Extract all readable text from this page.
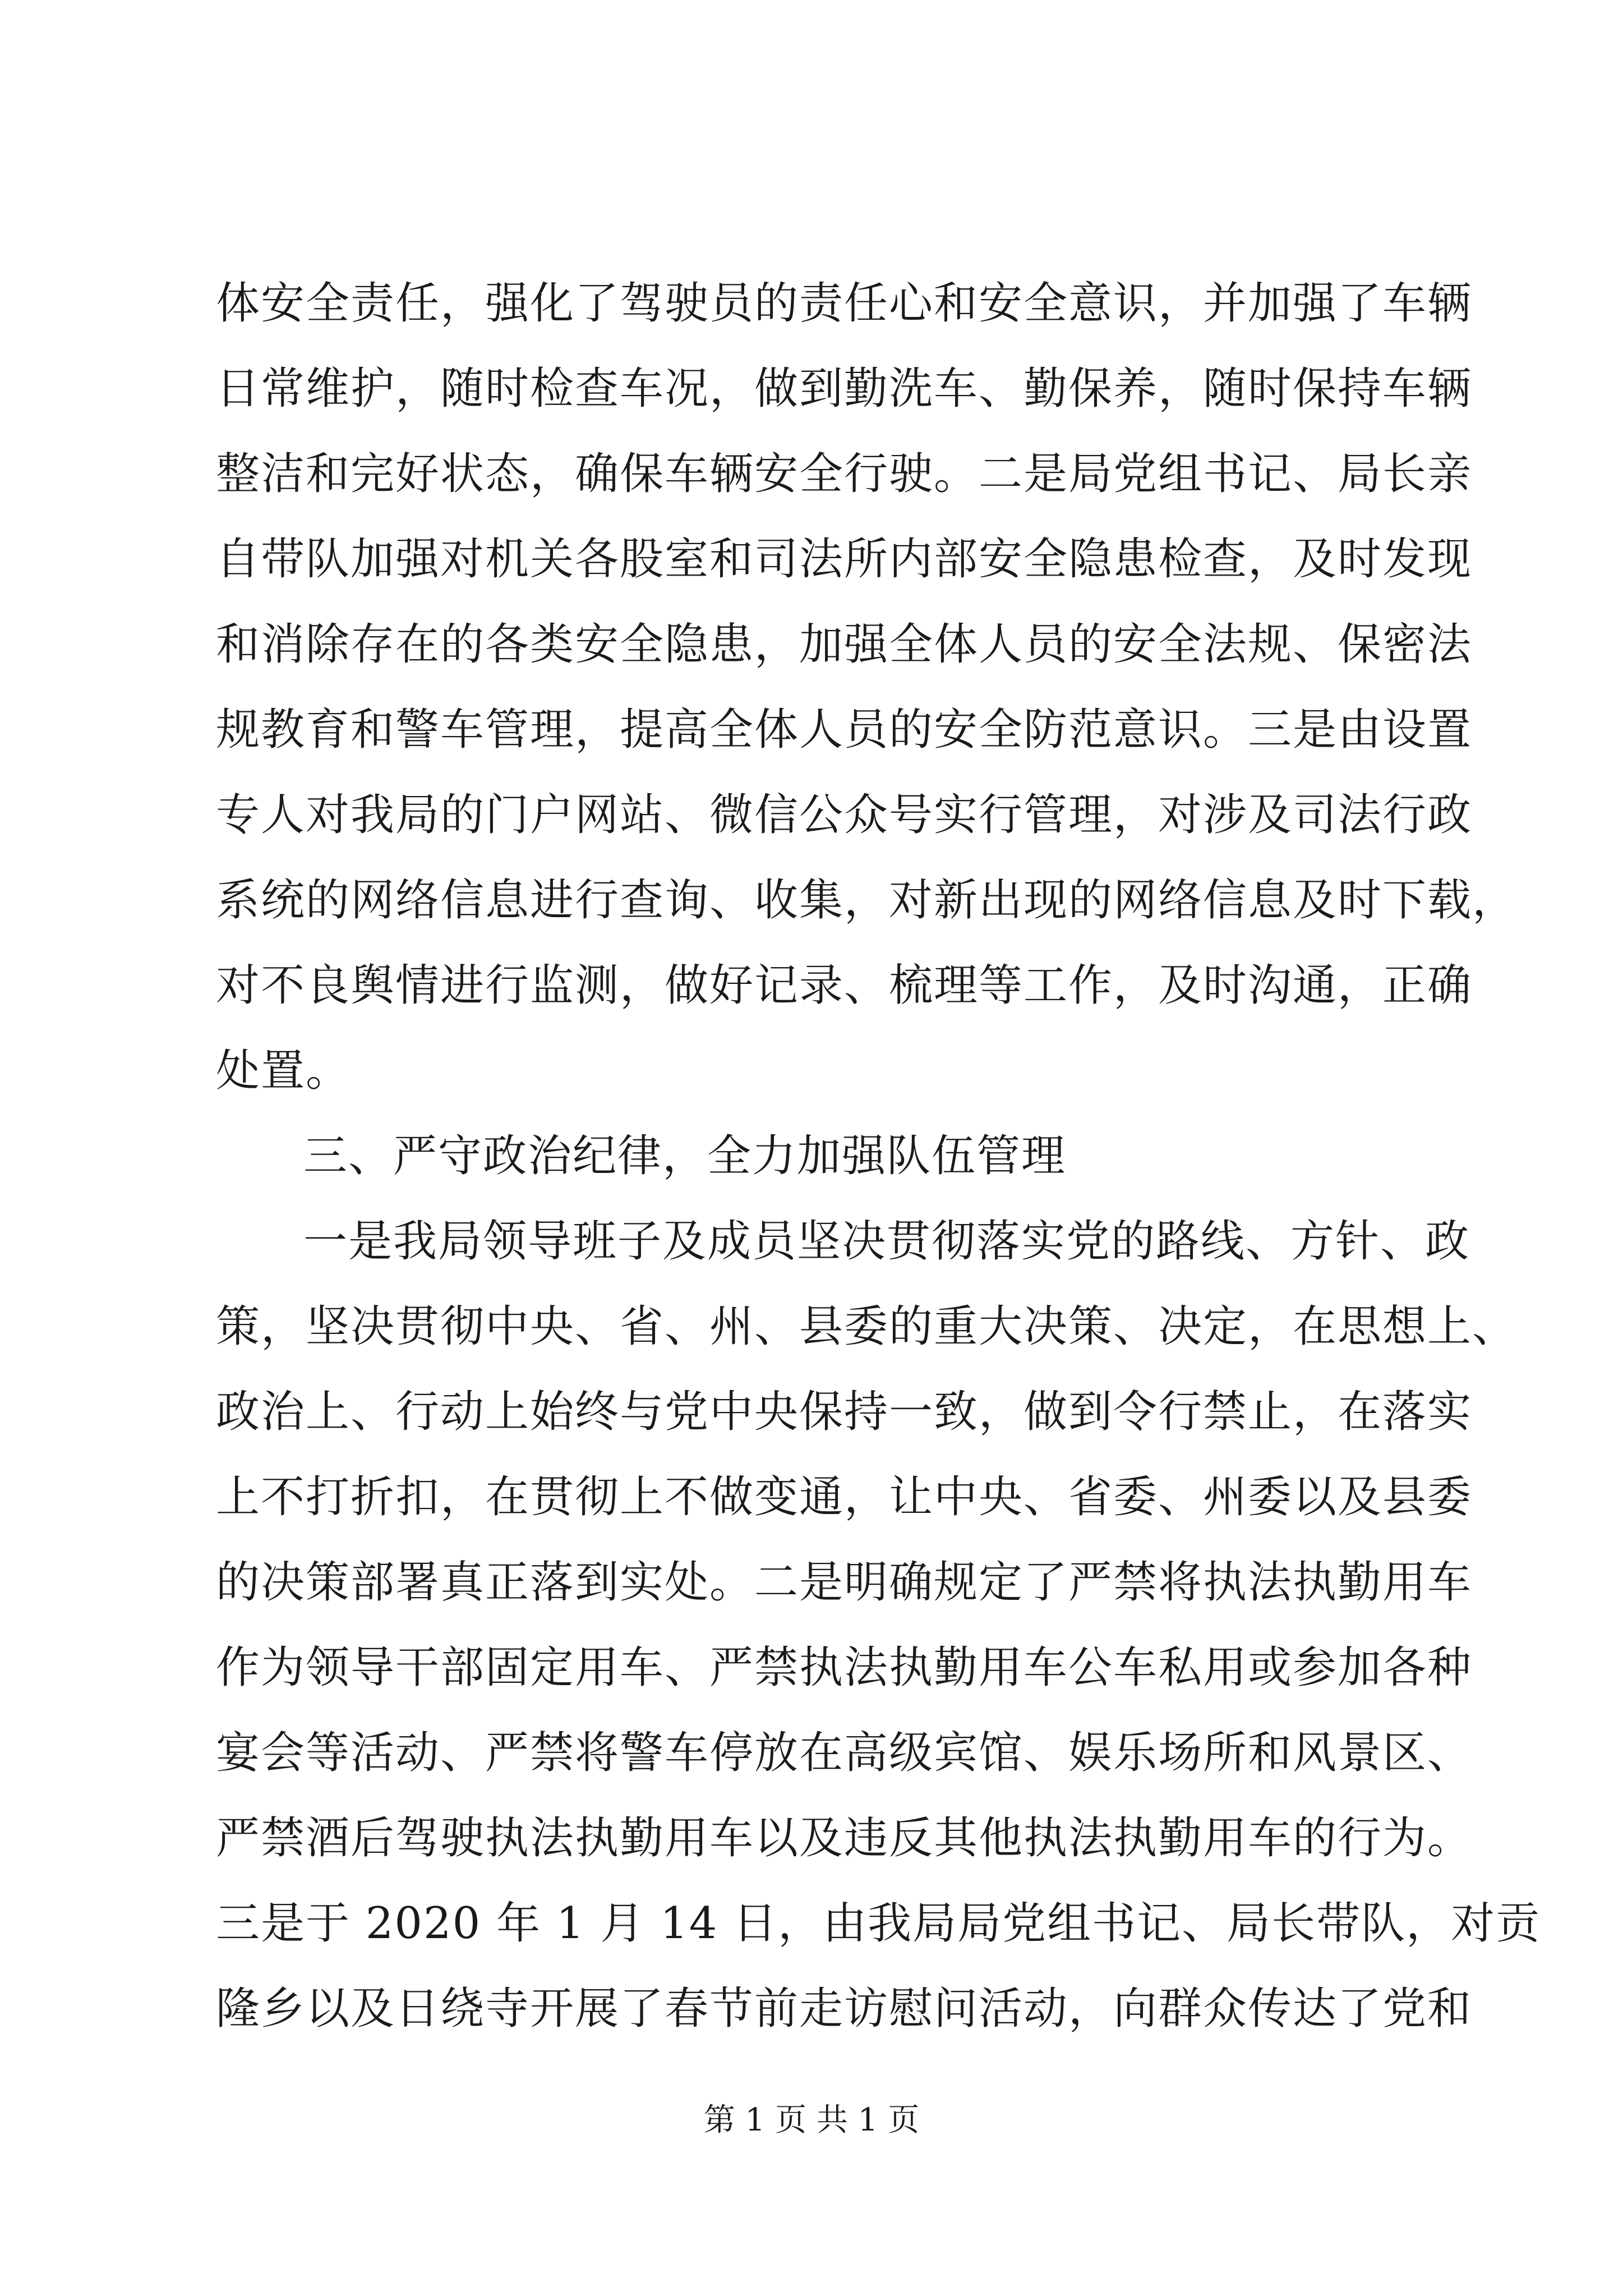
体安全责任，强化了驾驶员的责任心和安全意识，并加强了车辆
日常维护，随时检查车况，做到勤洗车、勤保养，随时保持车辆
整洁和完好状态，确保车辆安全行驶。二是局党组书记、局长亲
自带队加强对机关各股室和司法所内部安全隐患检查，及时发现
和消除存在的各类安全隐患，加强全体人员的安全法规、保密法
规教育和警车管理，提高全体人员的安全防范意识。三是由设置
专人对我局的门户网站、微信公众号实行管理，对涉及司法行政
系统的网络信息进行查询、收集，对新出现的网络信息及时下载，
对不良舆情进行监测，做好记录、梳理等工作，及时沟通，正确
处置。
三、严守政治纪律，全力加强队伍管理
一是我局领导班子及成员坚决贯彻落实党的路线、方针、政
策，坚决贯彻中央、省、州、县委的重大决策、决定，在思想上、
政治上、行动上始终与党中央保持一致，做到令行禁止，在落实
上不打折扣，在贯彻上不做变通，让中央、省委、州委以及县委
的决策部署真正落到实处。二是明确规定了严禁将执法执勤用车
作为领导干部固定用车、严禁执法执勤用车公车私用或参加各种
宴会等活动、严禁将警车停放在高级宾馆、娱乐场所和风景区、
严禁酒后驾驶执法执勤用车以及违反其他执法执勤用车的行为。
三是于 2020 年 1 月 14 日，由我局局党组书记、局长带队，对贡
隆乡以及日绕寺开展了春节前走访慰问活动，向群众传达了党和
第 1 页 共 1 页
